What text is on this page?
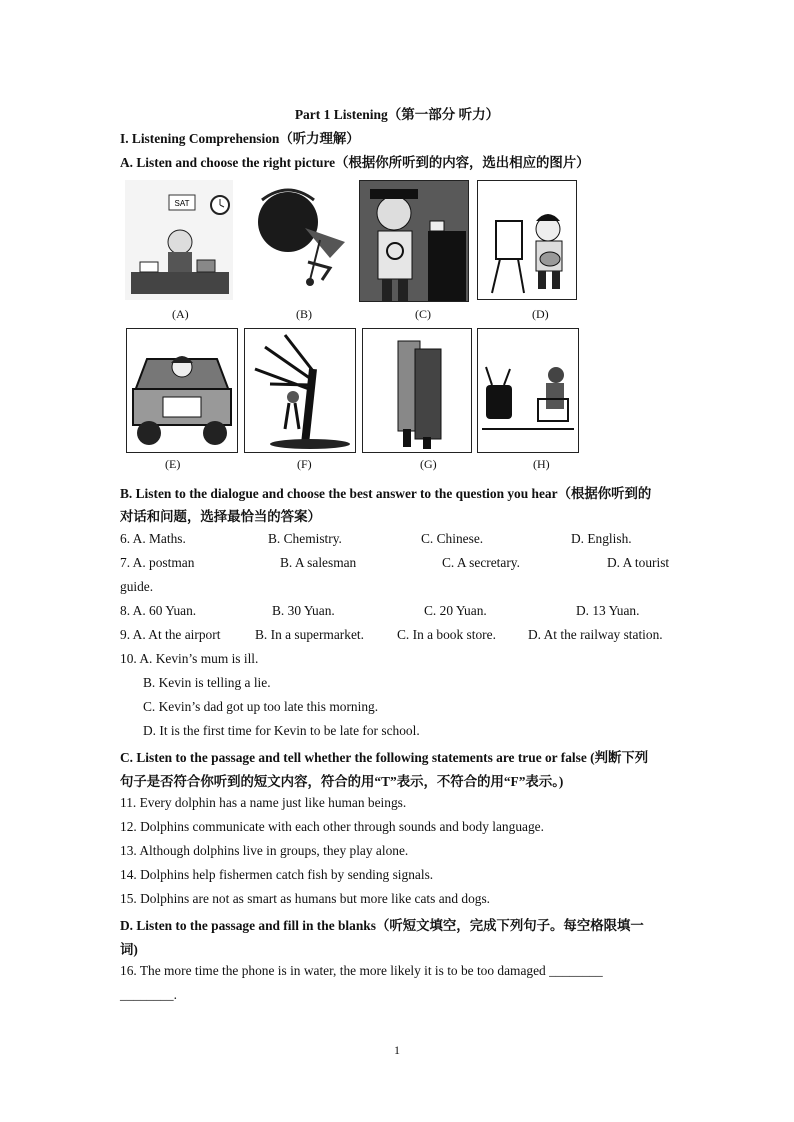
Part 1 Listening（第一部分 听力）
I. Listening Comprehension（听力理解）
A. Listen and choose the right picture（根据你所听到的内容，选出相应的图片）
SAT
(A)	(B)	(C)	(D)
(E)	(F)	(G)	(H)
B. Listen to the dialogue and choose the best answer to the question you hear（根据你听到的
对话和问题，选择最恰当的答案）
6. A. Maths.	B. Chemistry.	C. Chinese.	D. English.
7. A. postman	B. A salesman	C. A secretary.	D. A tourist
guide.
8. A. 60 Yuan.	B. 30 Yuan.	C. 20 Yuan.	D. 13 Yuan.
9. A. At the airport	B. In a supermarket. C. In a book store. D. At the railway station.
10. A. Kevin’s mum is ill.
B. Kevin is telling a lie.
C. Kevin’s dad got up too late this morning.
D. It is the first time for Kevin to be late for school.
C. Listen to the passage and tell whether the following statements are true or false (判断下列
句子是否符合你听到的短文内容，符合的用“T”表示，不符合的用“F”表示。)
11. Every dolphin has a name just like human beings.
12. Dolphins communicate with each other through sounds and body language.
13. Although dolphins live in groups, they play alone.
14. Dolphins help fishermen catch fish by sending signals.
15. Dolphins are not as smart as humans but more like cats and dogs.
D. Listen to the passage and fill in the blanks（听短文填空，完成下列句子。每空格限填一
词)
16. The more time the phone is in water, the more likely it is to be too damaged ________
________.
1
